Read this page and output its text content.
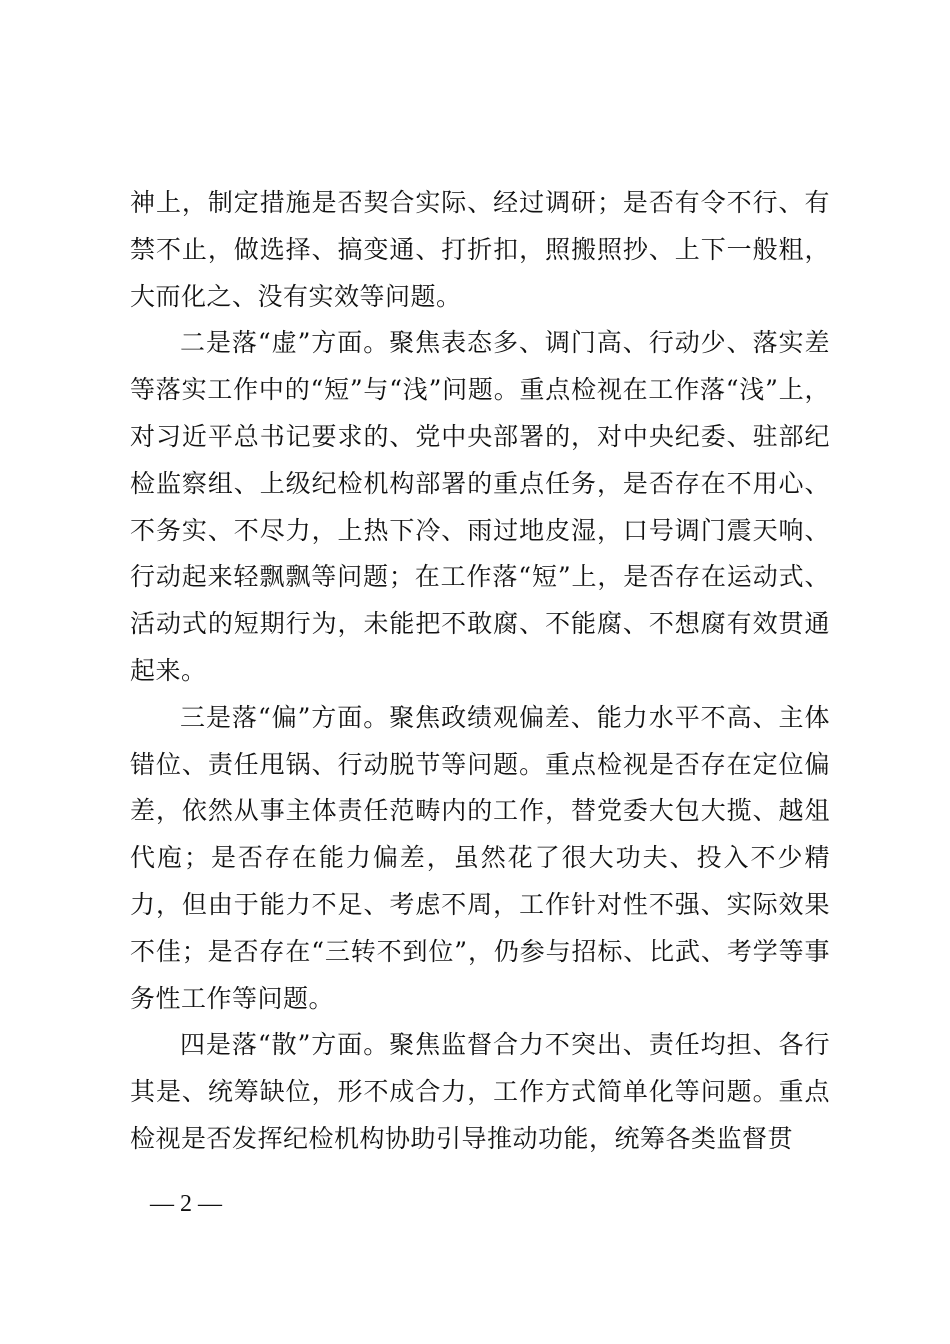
神上，制定措施是否契合实际、经过调研；是否有令不行、有禁不止，做选择、搞变通、打折扣，照搬照抄、上下一般粗，大而化之、没有实效等问题。

二是落“虚”方面。聚焦表态多、调门高、行动少、落实差等落实工作中的“短”与“浅”问题。重点检视在工作落“浅”上，对习近平总书记要求的、党中央部署的，对中央纪委、驻部纪检监察组、上级纪检机构部署的重点任务，是否存在不用心、不务实、不尽力，上热下冷、雨过地皮湿，口号调门震天响、行动起来轻飘飘等问题；在工作落“短”上，是否存在运动式、活动式的短期行为，未能把不敢腐、不能腐、不想腐有效贯通起来。

三是落“偏”方面。聚焦政绩观偏差、能力水平不高、主体错位、责任甩锅、行动脱节等问题。重点检视是否存在定位偏差，依然从事主体责任范畴内的工作，替党委大包大揽、越俎代庖；是否存在能力偏差，虽然花了很大功夫、投入不少精力，但由于能力不足、考虑不周，工作针对性不强、实际效果不佳；是否存在“三转不到位”，仍参与招标、比武、考学等事务性工作等问题。

四是落“散”方面。聚焦监督合力不突出、责任均担、各行其是、统筹缺位，形不成合力，工作方式简单化等问题。重点检视是否发挥纪检机构协助引导推动功能，统筹各类监督贯

— 2 —
